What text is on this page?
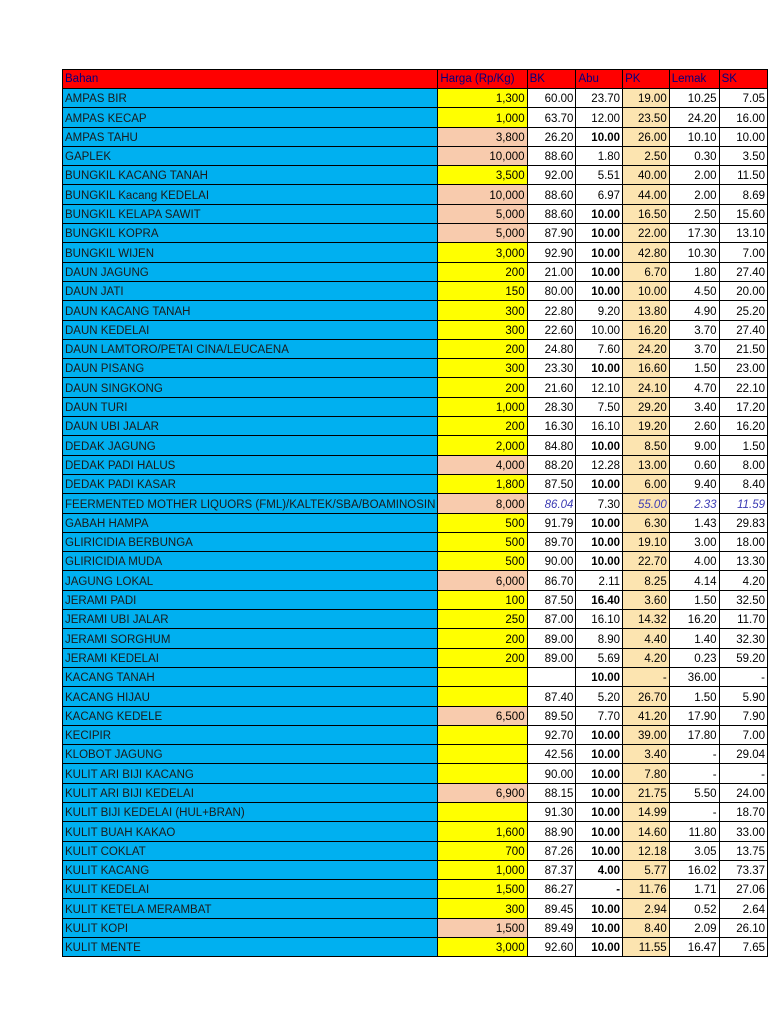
Bahan	Harga (Rp/Kg)	BK	Abu	PK	Lemak	SK
AMPAS BIR	1,300	60.00	23.70	19.00	10.25	7.05
AMPAS KECAP	1,000	63.70	12.00	23.50	24.20	16.00
AMPAS TAHU	3,800	26.20	10.00	26.00	10.10	10.00
GAPLEK	10,000	88.60	1.80	2.50	0.30	3.50
BUNGKIL KACANG TANAH	3,500	92.00	5.51	40.00	2.00	11.50
BUNGKIL Kacang KEDELAI	10,000	88.60	6.97	44.00	2.00	8.69
BUNGKIL KELAPA SAWIT	5,000	88.60	10.00	16.50	2.50	15.60
BUNGKIL KOPRA	5,000	87.90	10.00	22.00	17.30	13.10
BUNGKIL WIJEN	3,000	92.90	10.00	42.80	10.30	7.00
DAUN JAGUNG	200	21.00	10.00	6.70	1.80	27.40
DAUN JATI	150	80.00	10.00	10.00	4.50	20.00
DAUN KACANG TANAH	300	22.80	9.20	13.80	4.90	25.20
DAUN KEDELAI	300	22.60	10.00	16.20	3.70	27.40
DAUN LAMTORO/PETAI CINA/LEUCAENA	200	24.80	7.60	24.20	3.70	21.50
DAUN PISANG	300	23.30	10.00	16.60	1.50	23.00
DAUN SINGKONG	200	21.60	12.10	24.10	4.70	22.10
DAUN TURI	1,000	28.30	7.50	29.20	3.40	17.20
DAUN UBI JALAR	200	16.30	16.10	19.20	2.60	16.20
DEDAK JAGUNG	2,000	84.80	10.00	8.50	9.00	1.50
DEDAK PADI HALUS	4,000	88.20	12.28	13.00	0.60	8.00
DEDAK PADI KASAR	1,800	87.50	10.00	6.00	9.40	8.40
FEERMENTED MOTHER LIQUORS (FML)/KALTEK/SBA/BOAMINOSIN	8,000	86.04	7.30	55.00	2.33	11.59
GABAH HAMPA	500	91.79	10.00	6.30	1.43	29.83
GLIRICIDIA BERBUNGA	500	89.70	10.00	19.10	3.00	18.00
GLIRICIDIA MUDA	500	90.00	10.00	22.70	4.00	13.30
JAGUNG LOKAL	6,000	86.70	2.11	8.25	4.14	4.20
JERAMI PADI	100	87.50	16.40	3.60	1.50	32.50
JERAMI UBI JALAR	250	87.00	16.10	14.32	16.20	11.70
JERAMI SORGHUM	200	89.00	8.90	4.40	1.40	32.30
JERAMI KEDELAI	200	89.00	5.69	4.20	0.23	59.20
KACANG TANAH			10.00	-	36.00	-
KACANG HIJAU		87.40	5.20	26.70	1.50	5.90
KACANG KEDELE	6,500	89.50	7.70	41.20	17.90	7.90
KECIPIR		92.70	10.00	39.00	17.80	7.00
KLOBOT JAGUNG		42.56	10.00	3.40	-	29.04
KULIT ARI BIJI KACANG		90.00	10.00	7.80	-	-
KULIT ARI BIJI KEDELAI	6,900	88.15	10.00	21.75	5.50	24.00
KULIT BIJI KEDELAI (HUL+BRAN)		91.30	10.00	14.99	-	18.70
KULIT BUAH KAKAO	1,600	88.90	10.00	14.60	11.80	33.00
KULIT COKLAT	700	87.26	10.00	12.18	3.05	13.75
KULIT KACANG	1,000	87.37	4.00	5.77	16.02	73.37
KULIT KEDELAI	1,500	86.27	-	11.76	1.71	27.06
KULIT KETELA MERAMBAT	300	89.45	10.00	2.94	0.52	2.64
KULIT KOPI	1,500	89.49	10.00	8.40	2.09	26.10
KULIT MENTE	3,000	92.60	10.00	11.55	16.47	7.65
